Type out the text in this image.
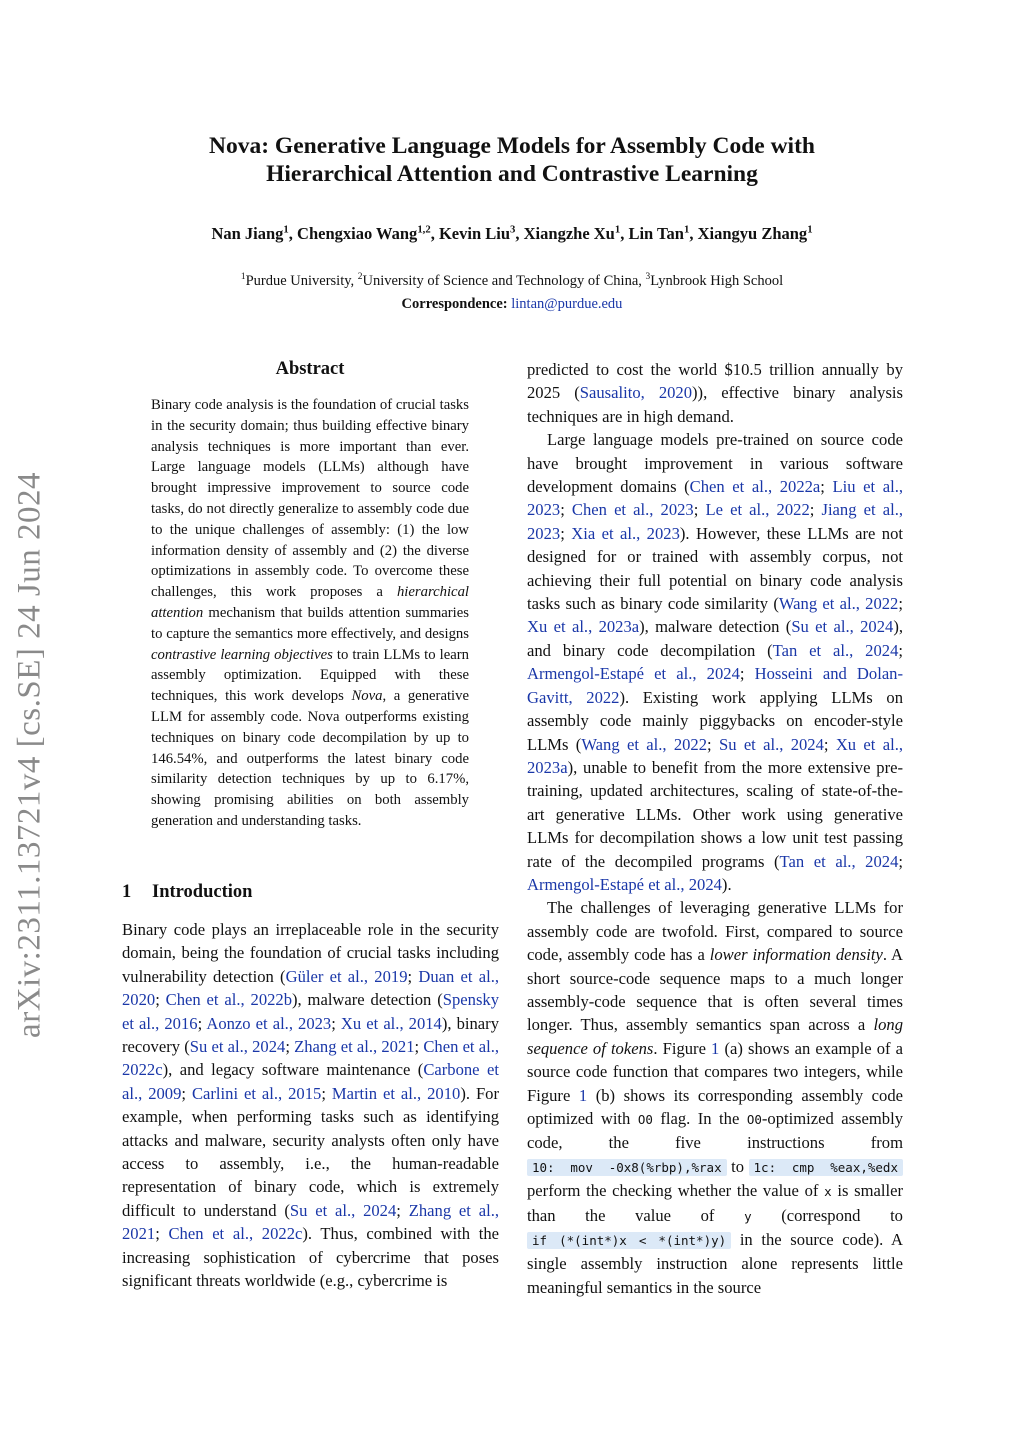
arXiv:2311.13721v4 [cs.SE] 24 Jun 2024
Nova: Generative Language Models for Assembly Code with
Hierarchical Attention and Contrastive Learning
Nan Jiang$^1$, Chengxiao Wang$^{1,2}$, Kevin Liu$^3$, Xiangzhe Xu$^1$, Lin Tan$^1$, Xiangyu Zhang$^1$
$^1$Purdue University, $^2$University of Science and Technology of China, $^3$Lynbrook High School
Correspondence: lintan@purdue.edu
Abstract
Binary code analysis is the foundation of crucial tasks in the security domain; thus building effective binary analysis techniques is more important than ever. Large language models (LLMs) although have brought impressive improvement to source code tasks, do not directly generalize to assembly code due to the unique challenges of assembly: (1) the low information density of assembly and (2) the diverse optimizations in assembly code. To overcome these challenges, this work proposes a hierarchical attention mechanism that builds attention summaries to capture the semantics more effectively, and designs contrastive learning objectives to train LLMs to learn assembly optimization. Equipped with these techniques, this work develops Nova, a generative LLM for assembly code. Nova outperforms existing techniques on binary code decompilation by up to 146.54%, and outperforms the latest binary code similarity detection techniques by up to 6.17%, showing promising abilities on both assembly generation and understanding tasks.
1 Introduction

Binary code plays an irreplaceable role in the security domain, being the foundation of crucial tasks including vulnerability detection (Güler et al., 2019; Duan et al., 2020; Chen et al., 2022b), malware detection (Spensky et al., 2016; Aonzo et al., 2023; Xu et al., 2014), binary recovery (Su et al., 2024; Zhang et al., 2021; Chen et al., 2022c), and legacy software maintenance (Carbone et al., 2009; Carlini et al., 2015; Martin et al., 2010). For example, when performing tasks such as identifying attacks and malware, security analysts often only have access to assembly, i.e., the human-readable representation of binary code, which is extremely difficult to understand (Su et al., 2024; Zhang et al., 2021; Chen et al., 2022c). Thus, combined with the increasing sophistication of cybercrime that poses significant threats worldwide (e.g., cybercrime is

predicted to cost the world $10.5 trillion annually by 2025 (Sausalito, 2020)), effective binary analysis techniques are in high demand.

Large language models pre-trained on source code have brought improvement in various software development domains (Chen et al., 2022a; Liu et al., 2023; Chen et al., 2023; Le et al., 2022; Jiang et al., 2023; Xia et al., 2023). However, these LLMs are not designed for or trained with assembly corpus, not achieving their full potential on binary code analysis tasks such as binary code similarity (Wang et al., 2022; Xu et al., 2023a), malware detection (Su et al., 2024), and binary code decompilation (Tan et al., 2024; Armengol-Estapé et al., 2024; Hosseini and Dolan-Gavitt, 2022). Existing work applying LLMs on assembly code mainly piggybacks on encoder-style LLMs (Wang et al., 2022; Su et al., 2024; Xu et al., 2023a), unable to benefit from the more extensive pre-training, updated architectures, scaling of state-of-the-art generative LLMs. Other work using generative LLMs for decompilation shows a low unit test passing rate of the decompiled programs (Tan et al., 2024; Armengol-Estapé et al., 2024).

The challenges of leveraging generative LLMs for assembly code are twofold. First, compared to source code, assembly code has a lower information density. A short source-code sequence maps to a much longer assembly-code sequence that is often several times longer. Thus, assembly semantics span across a long sequence of tokens. Figure 1 (a) shows an example of a source code function that compares two integers, while Figure 1 (b) shows its corresponding assembly code optimized with O0 flag. In the O0-optimized assembly code, the five instructions from 10:  mov  -0x8(%rbp),%rax to 1c:  cmp  %eax,%edx perform the checking whether the value of x is smaller than the value of y (correspond to if (*(int*)x < *(int*)y) in the source code). A single assembly instruction alone represents little meaningful semantics in the source
